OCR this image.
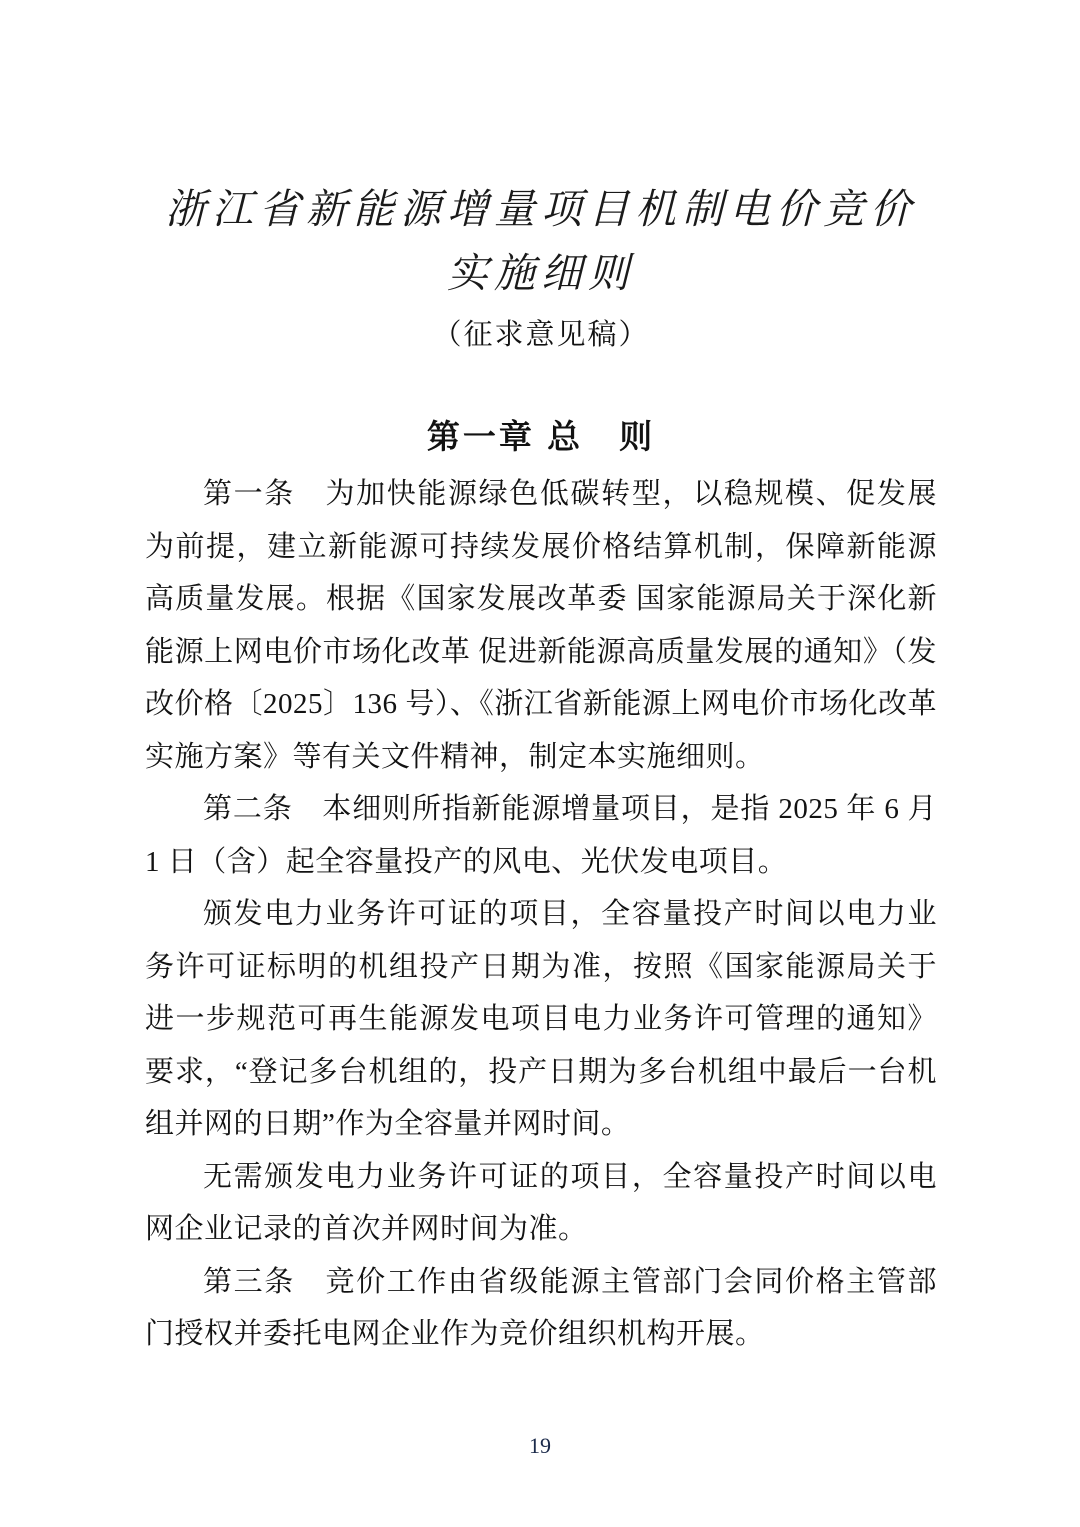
浙江省新能源增量项目机制电价竞价
实施细则
（征求意见稿）
第一章 总　则

第一条　为加快能源绿色低碳转型，以稳规模、促发展为前提，建立新能源可持续发展价格结算机制，保障新能源高质量发展。根据《国家发展改革委 国家能源局关于深化新能源上网电价市场化改革 促进新能源高质量发展的通知》（发改价格〔2025〕136 号）、《浙江省新能源上网电价市场化改革实施方案》等有关文件精神，制定本实施细则。

第二条　本细则所指新能源增量项目，是指 2025 年 6 月 1 日（含）起全容量投产的风电、光伏发电项目。

颁发电力业务许可证的项目，全容量投产时间以电力业务许可证标明的机组投产日期为准，按照《国家能源局关于进一步规范可再生能源发电项目电力业务许可管理的通知》要求，“登记多台机组的，投产日期为多台机组中最后一台机组并网的日期”作为全容量并网时间。

无需颁发电力业务许可证的项目，全容量投产时间以电网企业记录的首次并网时间为准。

第三条　竞价工作由省级能源主管部门会同价格主管部门授权并委托电网企业作为竞价组织机构开展。

19
